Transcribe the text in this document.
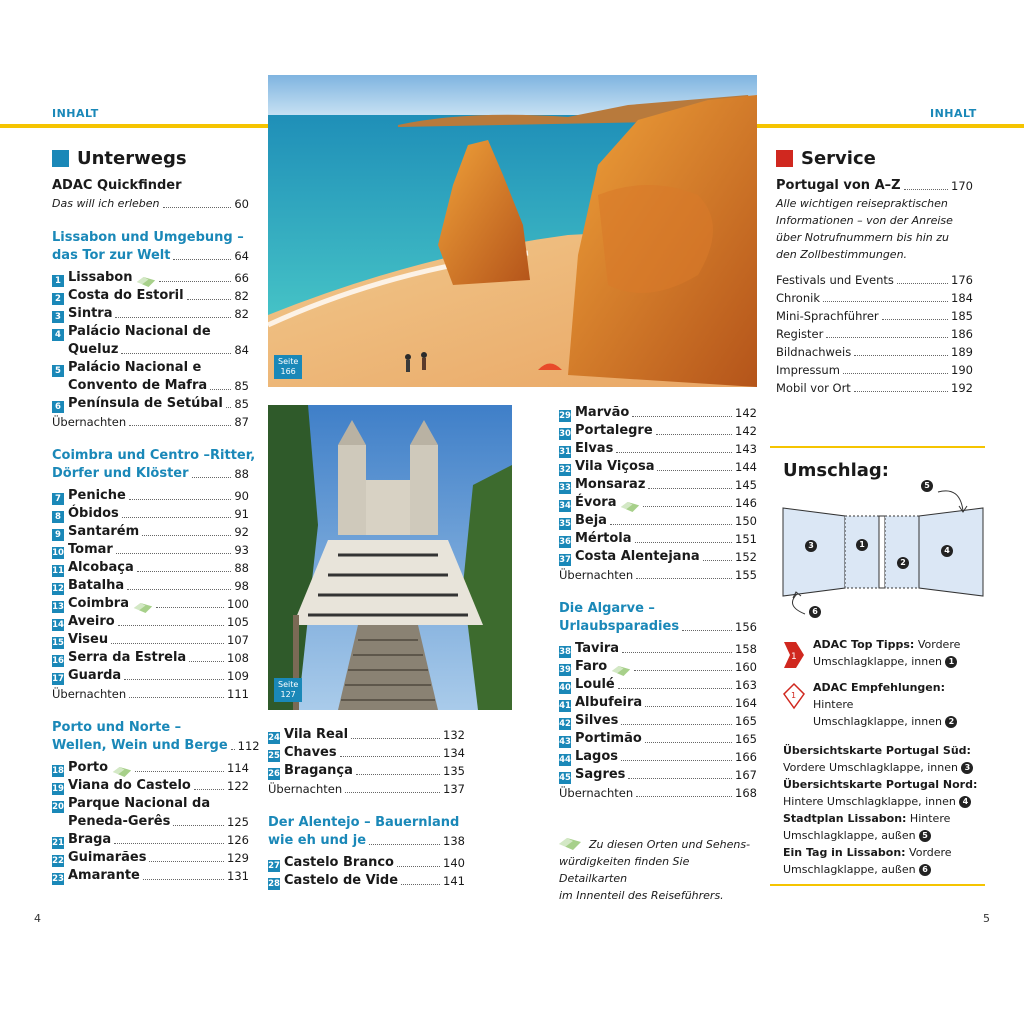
INHALT	INHALT
Seite
166
Seite
127
Unterwegs
ADAC Quickfinder
Das will ich erleben	60
Lissabon und Umgebung –
das Tor zur Welt	64
1 Lissabon	66
2 Costa do Estoril	82
3 Sintra	82
4 Palácio Nacional de
Queluz	84
5 Palácio Nacional e
Convento de Mafra 85
6 Península de Setúbal 85
Übernachten	87
Coimbra und Centro –Ritter,
Dörfer und Klöster	88
7 Peniche	90
8 Óbidos	91
9 Santarém	92
10 Tomar	93
11 Alcobaça	88
12 Batalha	98
13 Coimbra	100
14 Aveiro	105
15 Viseu	107
16 Serra da Estrela	108
17 Guarda	109
Übernachten	111
Porto und Norte –
Wellen, Wein und Berge 112
18 Porto	114
19 Viana do Castelo	122
20 Parque Nacional da
Peneda-Gerês	125
21 Braga	126
22 Guimarães	129
23 Amarante	131
24 Vila Real	132
25 Chaves	134
26 Bragança	135
Übernachten	137
Der Alentejo – Bauernland
wie eh und je	138
27 Castelo Branco	140
28 Castelo de Vide	141
29 Marvão	142
30 Portalegre	142
31 Elvas	143
32 Vila Viçosa	144
33 Monsaraz	145
34 Évora	146
35 Beja	150
36 Mértola	151
37 Costa Alentejana	152
Übernachten	155
Die Algarve –
Urlaubsparadies	156
38 Tavira	158
39 Faro	160
40 Loulé	163
41 Albufeira	164
42 Silves	165
43 Portimão	165
44 Lagos	166
45 Sagres	167
Übernachten	168
Zu diesen Orten und Sehens-
würdigkeiten finden Sie Detailkarten
im Innenteil des Reiseführers.
Service
Portugal von A–Z	170
Alle wichtigen reisepraktischen
Informationen – von der Anreise
über Notrufnummern bis hin zu
den Zollbestimmungen.
Festivals und Events	176
Chronik	184
Mini-Sprachführer	185
Register	186
Bildnachweis	189
Impressum	190
Mobil vor Ort	192
Umschlag:
3	1
2
4
5
6
1
ADAC Top Tipps: Vordere
Umschlagklappe, innen 1
1
ADAC Empfehlungen: Hintere
Umschlagklappe, innen 2
Übersichtskarte Portugal Süd:
Vordere Umschlagklappe, innen 3
Übersichtskarte Portugal Nord:
Hintere Umschlagklappe, innen 4
Stadtplan Lissabon: Hintere
Umschlagklappe, außen 5
Ein Tag in Lissabon: Vordere
Umschlagklappe, außen 6
4	5
